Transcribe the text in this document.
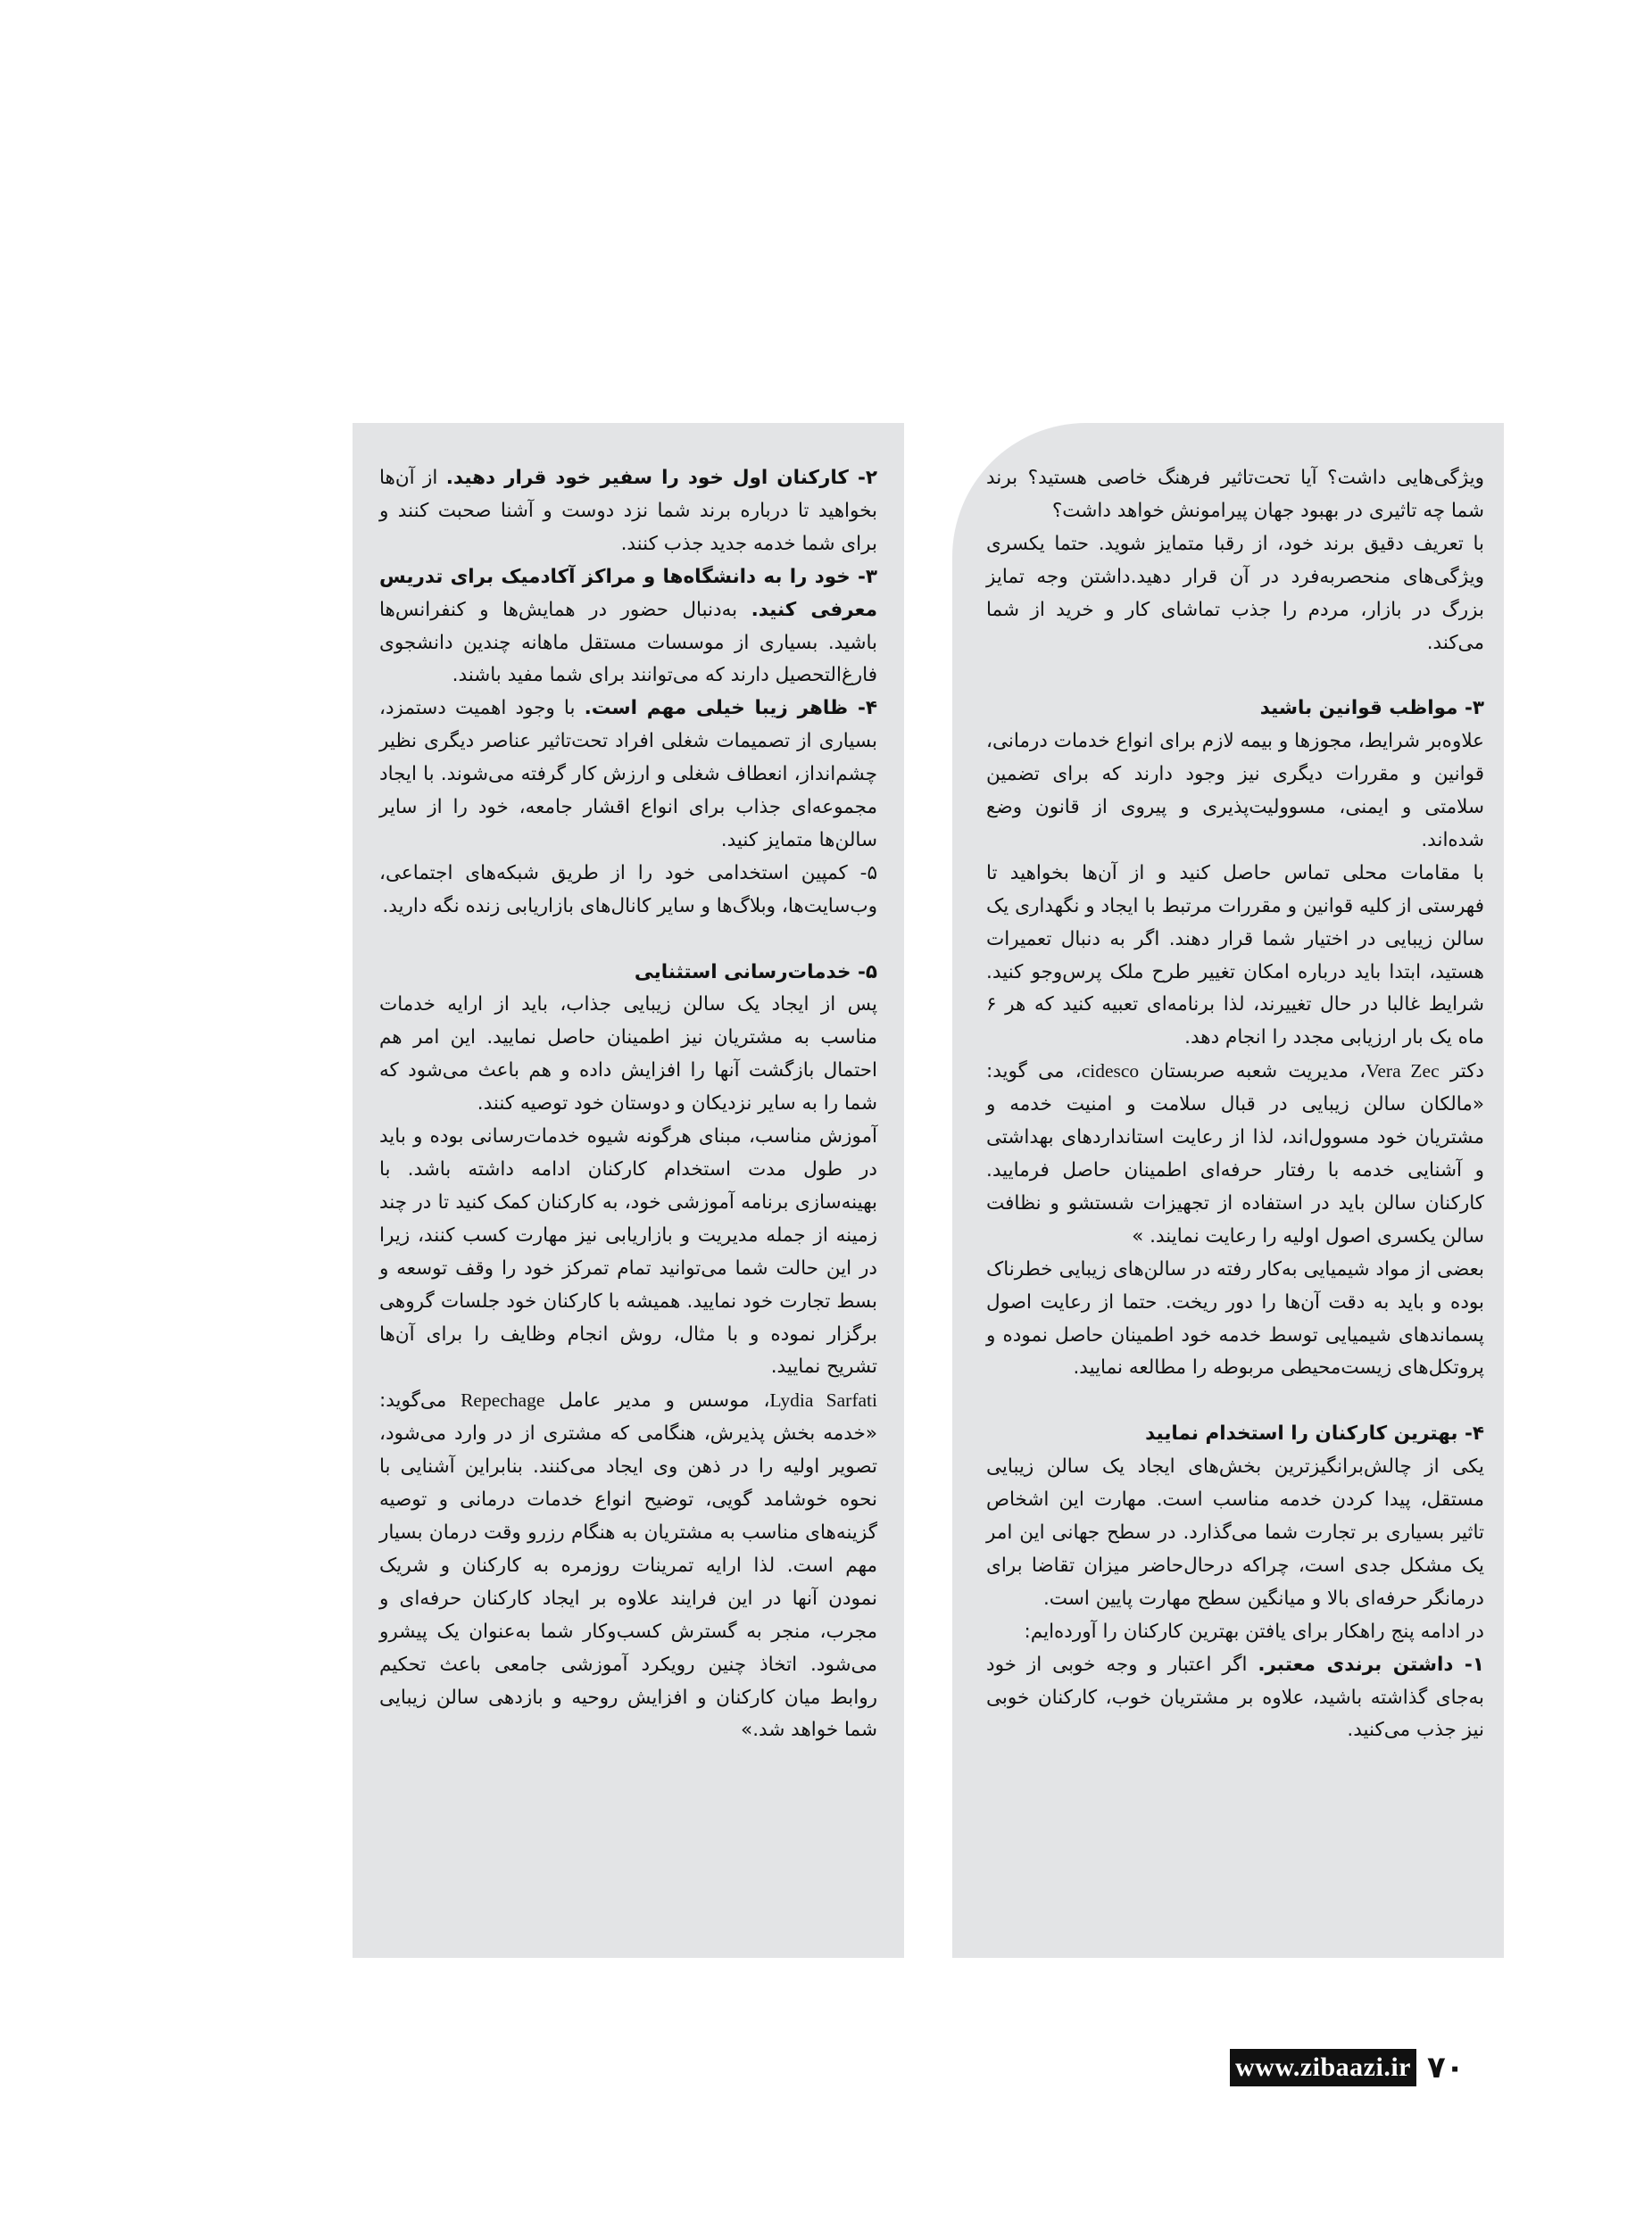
ویژگی‌هایی داشت؟ آیا تحت‌تاثیر فرهنگ خاصی هستید؟ برند شما چه تاثیری در بهبود جهان پیرامونش خواهد داشت؟

با تعریف دقیق برند خود، از رقبا متمایز شوید. حتما یکسری ویژگی‌های منحصربه‌فرد در آن قرار دهید.داشتن وجه تمایز بزرگ در بازار، مردم را جذب تماشای کار و خرید از شما می‌کند.

۳- مواظب قوانین باشید

علاوه‌بر شرایط، مجوزها و بیمه لازم برای انواع خدمات درمانی، قوانین و مقررات دیگری نیز وجود دارند که برای تضمین سلامتی و ایمنی، مسوولیت‌پذیری و پیروی از قانون وضع شده‌اند.

با مقامات محلی تماس حاصل کنید و از آن‌ها بخواهید تا فهرستی از کلیه قوانین و مقررات مرتبط با ایجاد و نگهداری یک سالن زیبایی در اختیار شما قرار دهند. اگر به دنبال تعمیرات هستید، ابتدا باید درباره امکان تغییر طرح ملک پرس‌وجو کنید. شرایط غالبا در حال تغییرند، لذا برنامه‌ای تعبیه کنید که هر ۶ ماه یک بار ارزیابی مجدد را انجام دهد.

دکتر Vera Zec، مدیریت شعبه صربستان cidesco، می گوید: «مالکان سالن زیبایی در قبال سلامت و امنیت خدمه و مشتریان خود مسوول‌اند، لذا از رعایت استانداردهای بهداشتی و آشنایی خدمه با رفتار حرفه‌ای اطمینان حاصل فرمایید. کارکنان سالن باید در استفاده از تجهیزات شستشو و نظافت سالن یکسری اصول اولیه را رعایت نمایند. »

بعضی از مواد شیمیایی به‌کار رفته در سالن‌های زیبایی خطرناک بوده و باید به دقت آن‌ها را دور ریخت. حتما از رعایت اصول پسماندهای شیمیایی توسط خدمه خود اطمینان حاصل نموده و پروتکل‌های زیست‌محیطی مربوطه را مطالعه نمایید.

۴- بهترین کارکنان را استخدام نمایید

یکی از چالش‌برانگیزترین بخش‌های ایجاد یک سالن زیبایی مستقل، پیدا کردن خدمه مناسب است. مهارت این اشخاص تاثیر بسیاری بر تجارت شما می‌گذارد. در سطح جهانی این امر یک مشکل جدی است، چراکه درحال‌حاضر میزان تقاضا برای درمانگر حرفه‌ای بالا و میانگین سطح مهارت پایین است.

در ادامه پنج راهکار برای یافتن بهترین کارکنان را آورده‌ایم:

۱- داشتن برندی معتبر. اگر اعتبار و وجه خوبی از خود به‌جای گذاشته باشید، علاوه بر مشتریان خوب، کارکنان خوبی نیز جذب می‌کنید.

۲- کارکنان اول خود را سفیر خود قرار دهید. از آن‌ها بخواهید تا درباره برند شما نزد دوست و آشنا صحبت کنند و برای شما خدمه جدید جذب کنند.

۳- خود را به دانشگاه‌ها و مراکز آکادمیک برای تدریس معرفی کنید. به‌دنبال حضور در همایش‌ها و کنفرانس‌ها باشید. بسیاری از موسسات مستقل ماهانه چندین دانشجوی فارغ‌التحصیل دارند که می‌توانند برای شما مفید باشند.

۴- ظاهر زیبا خیلی مهم است. با وجود اهمیت دستمزد، بسیاری از تصمیمات شغلی افراد تحت‌تاثیر عناصر دیگری نظیر چشم‌انداز، انعطاف شغلی و ارزش کار گرفته می‌شوند. با ایجاد مجموعه‌ای جذاب برای انواع اقشار جامعه، خود را از سایر سالن‌ها متمایز کنید.

۵- کمپین استخدامی خود را از طریق شبکه‌های اجتماعی، وب‌سایت‌ها، وبلاگ‌ها و سایر کانال‌های بازاریابی زنده نگه دارید.

۵- خدمات‌رسانی استثنایی

پس از ایجاد یک سالن زیبایی جذاب، باید از ارایه خدمات مناسب به مشتریان نیز اطمینان حاصل نمایید. این امر هم احتمال بازگشت آنها را افزایش داده و هم باعث می‌شود که شما را به سایر نزدیکان و دوستان خود توصیه کنند.

آموزش مناسب، مبنای هرگونه شیوه خدمات‌رسانی بوده و باید در طول مدت استخدام کارکنان ادامه داشته باشد. با بهینه‌سازی برنامه آموزشی خود، به کارکنان کمک کنید تا در چند زمینه از جمله مدیریت و بازاریابی نیز مهارت کسب کنند، زیرا در این حالت شما می‌توانید تمام تمرکز خود را وقف توسعه و بسط تجارت خود نمایید. همیشه با کارکنان خود جلسات گروهی برگزار نموده و با مثال، روش انجام وظایف را برای آن‌ها تشریح نمایید.

Lydia Sarfati، موسس و مدیر عامل Repechage می‌گوید: «خدمه بخش پذیرش، هنگامی که مشتری از در وارد می‌شود، تصویر اولیه را در ذهن وی ایجاد می‌کنند. بنابراین آشنایی با نحوه خوشامد گویی، توضیح انواع خدمات درمانی و توصیه گزینه‌های مناسب به مشتریان به هنگام رزرو وقت درمان بسیار مهم است. لذا ارایه تمرینات روزمره به کارکنان و شریک نمودن آنها در این فرایند علاوه بر ایجاد کارکنان حرفه‌ای و مجرب، منجر به گسترش کسب‌وکار شما به‌عنوان یک پیشرو می‌شود. اتخاذ چنین رویکرد آموزشی جامعی باعث تحکیم روابط میان کارکنان و افزایش روحیه و بازدهی سالن زیبایی شما خواهد شد.»

www.zibaazi.ir ۷۰
